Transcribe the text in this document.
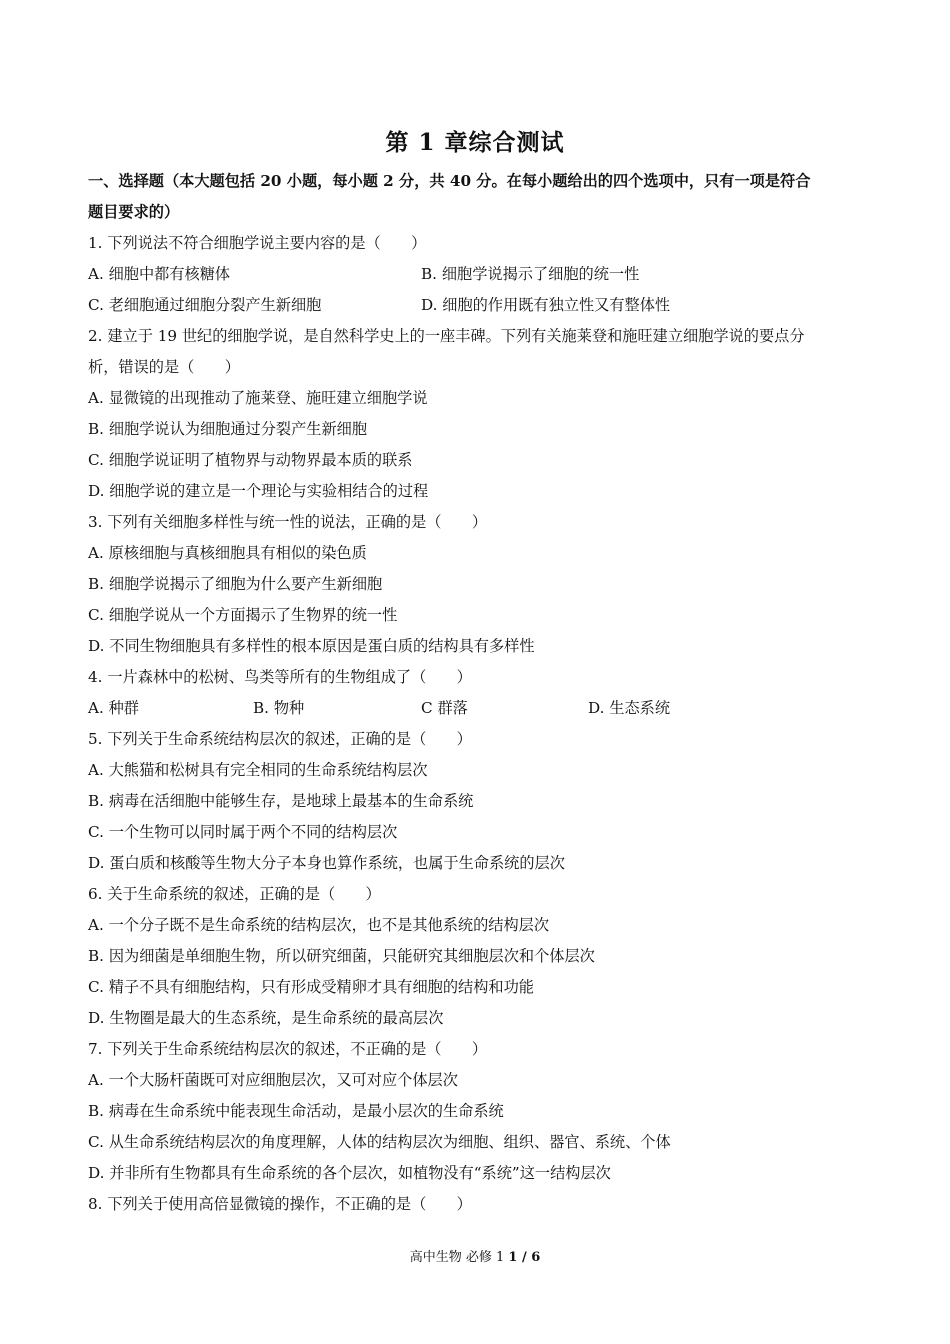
第 1 章综合测试
一、选择题（本大题包括 20 小题，每小题 2 分，共 40 分。在每小题给出的四个选项中，只有一项是符合
题目要求的）
1. 下列说法不符合细胞学说主要内容的是（　　）
A. 细胞中都有核糖体	B. 细胞学说揭示了细胞的统一性
C. 老细胞通过细胞分裂产生新细胞	D. 细胞的作用既有独立性又有整体性
2. 建立于 19 世纪的细胞学说，是自然科学史上的一座丰碑。下列有关施莱登和施旺建立细胞学说的要点分
析，错误的是（　　）
A. 显微镜的出现推动了施莱登、施旺建立细胞学说
B. 细胞学说认为细胞通过分裂产生新细胞
C. 细胞学说证明了植物界与动物界最本质的联系
D. 细胞学说的建立是一个理论与实验相结合的过程
3. 下列有关细胞多样性与统一性的说法，正确的是（　　）
A. 原核细胞与真核细胞具有相似的染色质
B. 细胞学说揭示了细胞为什么要产生新细胞
C. 细胞学说从一个方面揭示了生物界的统一性
D. 不同生物细胞具有多样性的根本原因是蛋白质的结构具有多样性
4. 一片森林中的松树、鸟类等所有的生物组成了（　　）
A. 种群	B. 物种	C 群落	D. 生态系统
5. 下列关于生命系统结构层次的叙述，正确的是（　　）
A. 大熊猫和松树具有完全相同的生命系统结构层次
B. 病毒在活细胞中能够生存，是地球上最基本的生命系统
C. 一个生物可以同时属于两个不同的结构层次
D. 蛋白质和核酸等生物大分子本身也算作系统，也属于生命系统的层次
6. 关于生命系统的叙述，正确的是（　　）
A. 一个分子既不是生命系统的结构层次，也不是其他系统的结构层次
B. 因为细菌是单细胞生物，所以研究细菌，只能研究其细胞层次和个体层次
C. 精子不具有细胞结构，只有形成受精卵才具有细胞的结构和功能
D. 生物圈是最大的生态系统，是生命系统的最高层次
7. 下列关于生命系统结构层次的叙述，不正确的是（　　）
A. 一个大肠杆菌既可对应细胞层次，又可对应个体层次
B. 病毒在生命系统中能表现生命活动，是最小层次的生命系统
C. 从生命系统结构层次的角度理解，人体的结构层次为细胞、组织、器官、系统、个体
D. 并非所有生物都具有生命系统的各个层次，如植物没有“系统”这一结构层次
8. 下列关于使用高倍显微镜的操作，不正确的是（　　）
高中生物 必修 1 1 / 6
